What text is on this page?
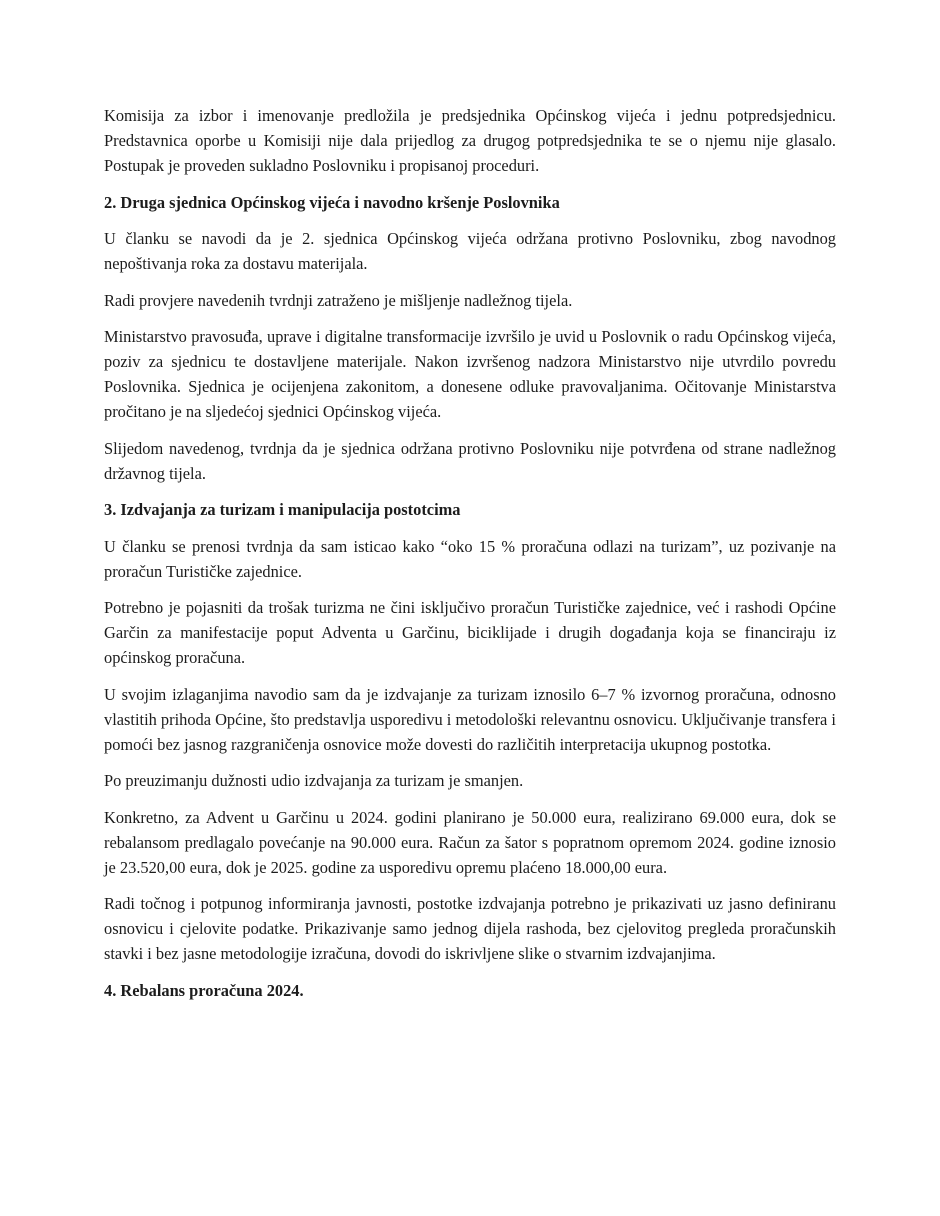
Komisija za izbor i imenovanje predložila je predsjednika Općinskog vijeća i jednu potpredsjednicu. Predstavnica oporbe u Komisiji nije dala prijedlog za drugog potpredsjednika te se o njemu nije glasalo. Postupak je proveden sukladno Poslovniku i propisanoj proceduri.

2. Druga sjednica Općinskog vijeća i navodno kršenje Poslovnika

U članku se navodi da je 2. sjednica Općinskog vijeća održana protivno Poslovniku, zbog navodnog nepoštivanja roka za dostavu materijala.

Radi provjere navedenih tvrdnji zatraženo je mišljenje nadležnog tijela.

Ministarstvo pravosuđa, uprave i digitalne transformacije izvršilo je uvid u Poslovnik o radu Općinskog vijeća, poziv za sjednicu te dostavljene materijale. Nakon izvršenog nadzora Ministarstvo nije utvrdilo povredu Poslovnika. Sjednica je ocijenjena zakonitom, a donesene odluke pravovaljanima. Očitovanje Ministarstva pročitano je na sljedećoj sjednici Općinskog vijeća.

Slijedom navedenog, tvrdnja da je sjednica održana protivno Poslovniku nije potvrđena od strane nadležnog državnog tijela.

3. Izdvajanja za turizam i manipulacija postotcima

U članku se prenosi tvrdnja da sam isticao kako “oko 15 % proračuna odlazi na turizam”, uz pozivanje na proračun Turističke zajednice.

Potrebno je pojasniti da trošak turizma ne čini isključivo proračun Turističke zajednice, već i rashodi Općine Garčin za manifestacije poput Adventa u Garčinu, biciklijade i drugih događanja koja se financiraju iz općinskog proračuna.

U svojim izlaganjima navodio sam da je izdvajanje za turizam iznosilo 6–7 % izvornog proračuna, odnosno vlastitih prihoda Općine, što predstavlja usporedivu i metodološki relevantnu osnovicu. Uključivanje transfera i pomoći bez jasnog razgraničenja osnovice može dovesti do različitih interpretacija ukupnog postotka.

Po preuzimanju dužnosti udio izdvajanja za turizam je smanjen.

Konkretno, za Advent u Garčinu u 2024. godini planirano je 50.000 eura, realizirano 69.000 eura, dok se rebalansom predlagalo povećanje na 90.000 eura. Račun za šator s popratnom opremom 2024. godine iznosio je 23.520,00 eura, dok je 2025. godine za usporedivu opremu plaćeno 18.000,00 eura.

Radi točnog i potpunog informiranja javnosti, postotke izdvajanja potrebno je prikazivati uz jasno definiranu osnovicu i cjelovite podatke. Prikazivanje samo jednog dijela rashoda, bez cjelovitog pregleda proračunskih stavki i bez jasne metodologije izračuna, dovodi do iskrivljene slike o stvarnim izdvajanjima.

4. Rebalans proračuna 2024.
